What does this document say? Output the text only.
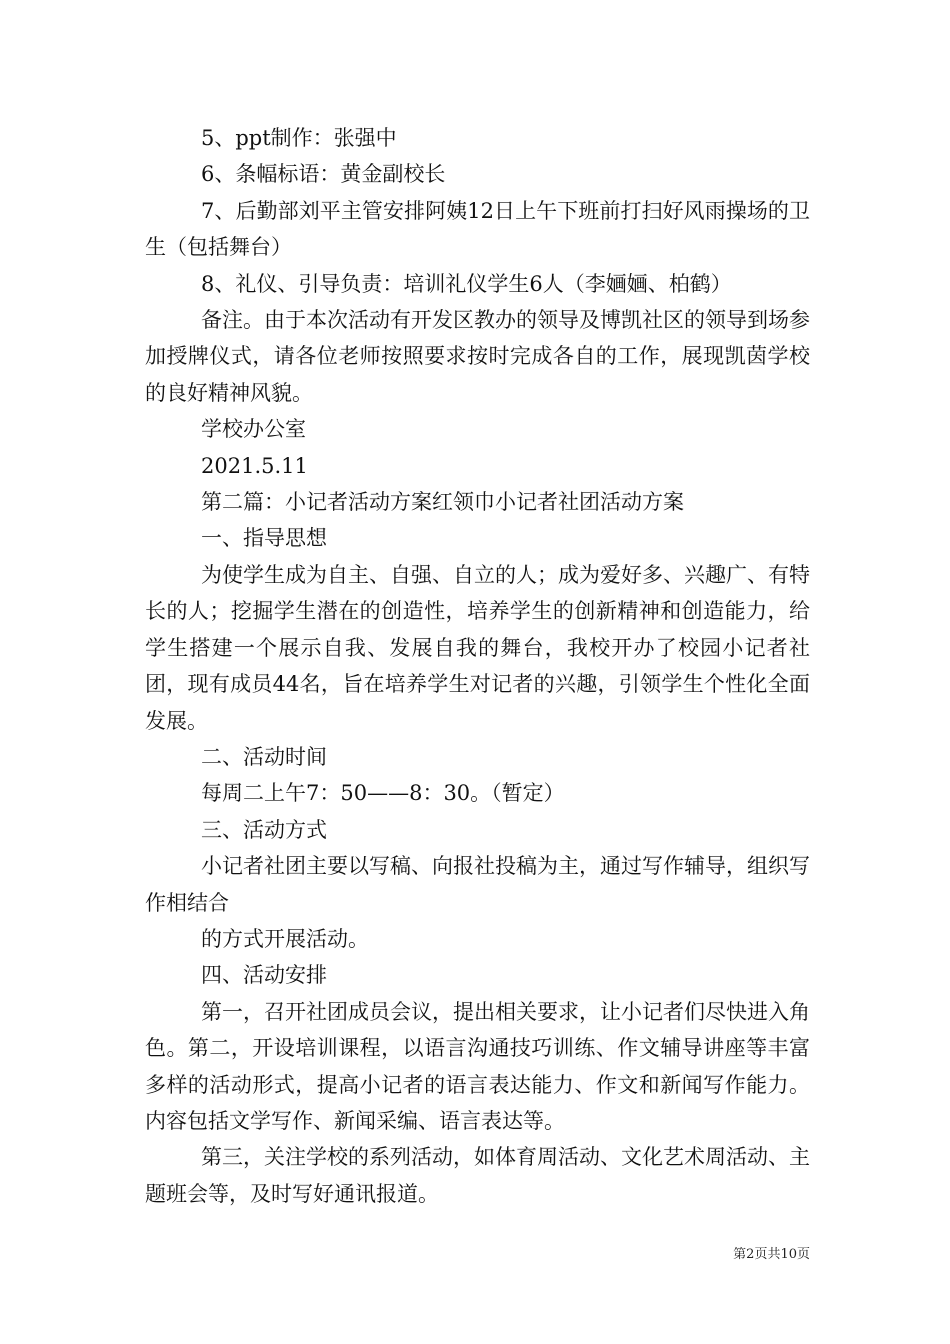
5、ppt制作：张强中

6、条幅标语：黄金副校长

7、后勤部刘平主管安排阿姨12日上午下班前打扫好风雨操场的卫生（包括舞台）

8、礼仪、引导负责：培训礼仪学生6人（李婳婳、柏鹤）

备注。由于本次活动有开发区教办的领导及博凯社区的领导到场参加授牌仪式，请各位老师按照要求按时完成各自的工作，展现凯茵学校的良好精神风貌。

学校办公室

2021.5.11

第二篇：小记者活动方案红领巾小记者社团活动方案

一、指导思想

为使学生成为自主、自强、自立的人；成为爱好多、兴趣广、有特长的人；挖掘学生潜在的创造性，培养学生的创新精神和创造能力，给学生搭建一个展示自我、发展自我的舞台，我校开办了校园小记者社团，现有成员44名，旨在培养学生对记者的兴趣，引领学生个性化全面发展。

二、活动时间

每周二上午7：50——8：30。（暂定）

三、活动方式

小记者社团主要以写稿、向报社投稿为主，通过写作辅导，组织写作相结合

的方式开展活动。

四、活动安排

第一，召开社团成员会议，提出相关要求，让小记者们尽快进入角色。第二，开设培训课程，以语言沟通技巧训练、作文辅导讲座等丰富多样的活动形式，提高小记者的语言表达能力、作文和新闻写作能力。内容包括文学写作、新闻采编、语言表达等。

第三，关注学校的系列活动，如体育周活动、文化艺术周活动、主题班会等，及时写好通讯报道。

第2页共10页
